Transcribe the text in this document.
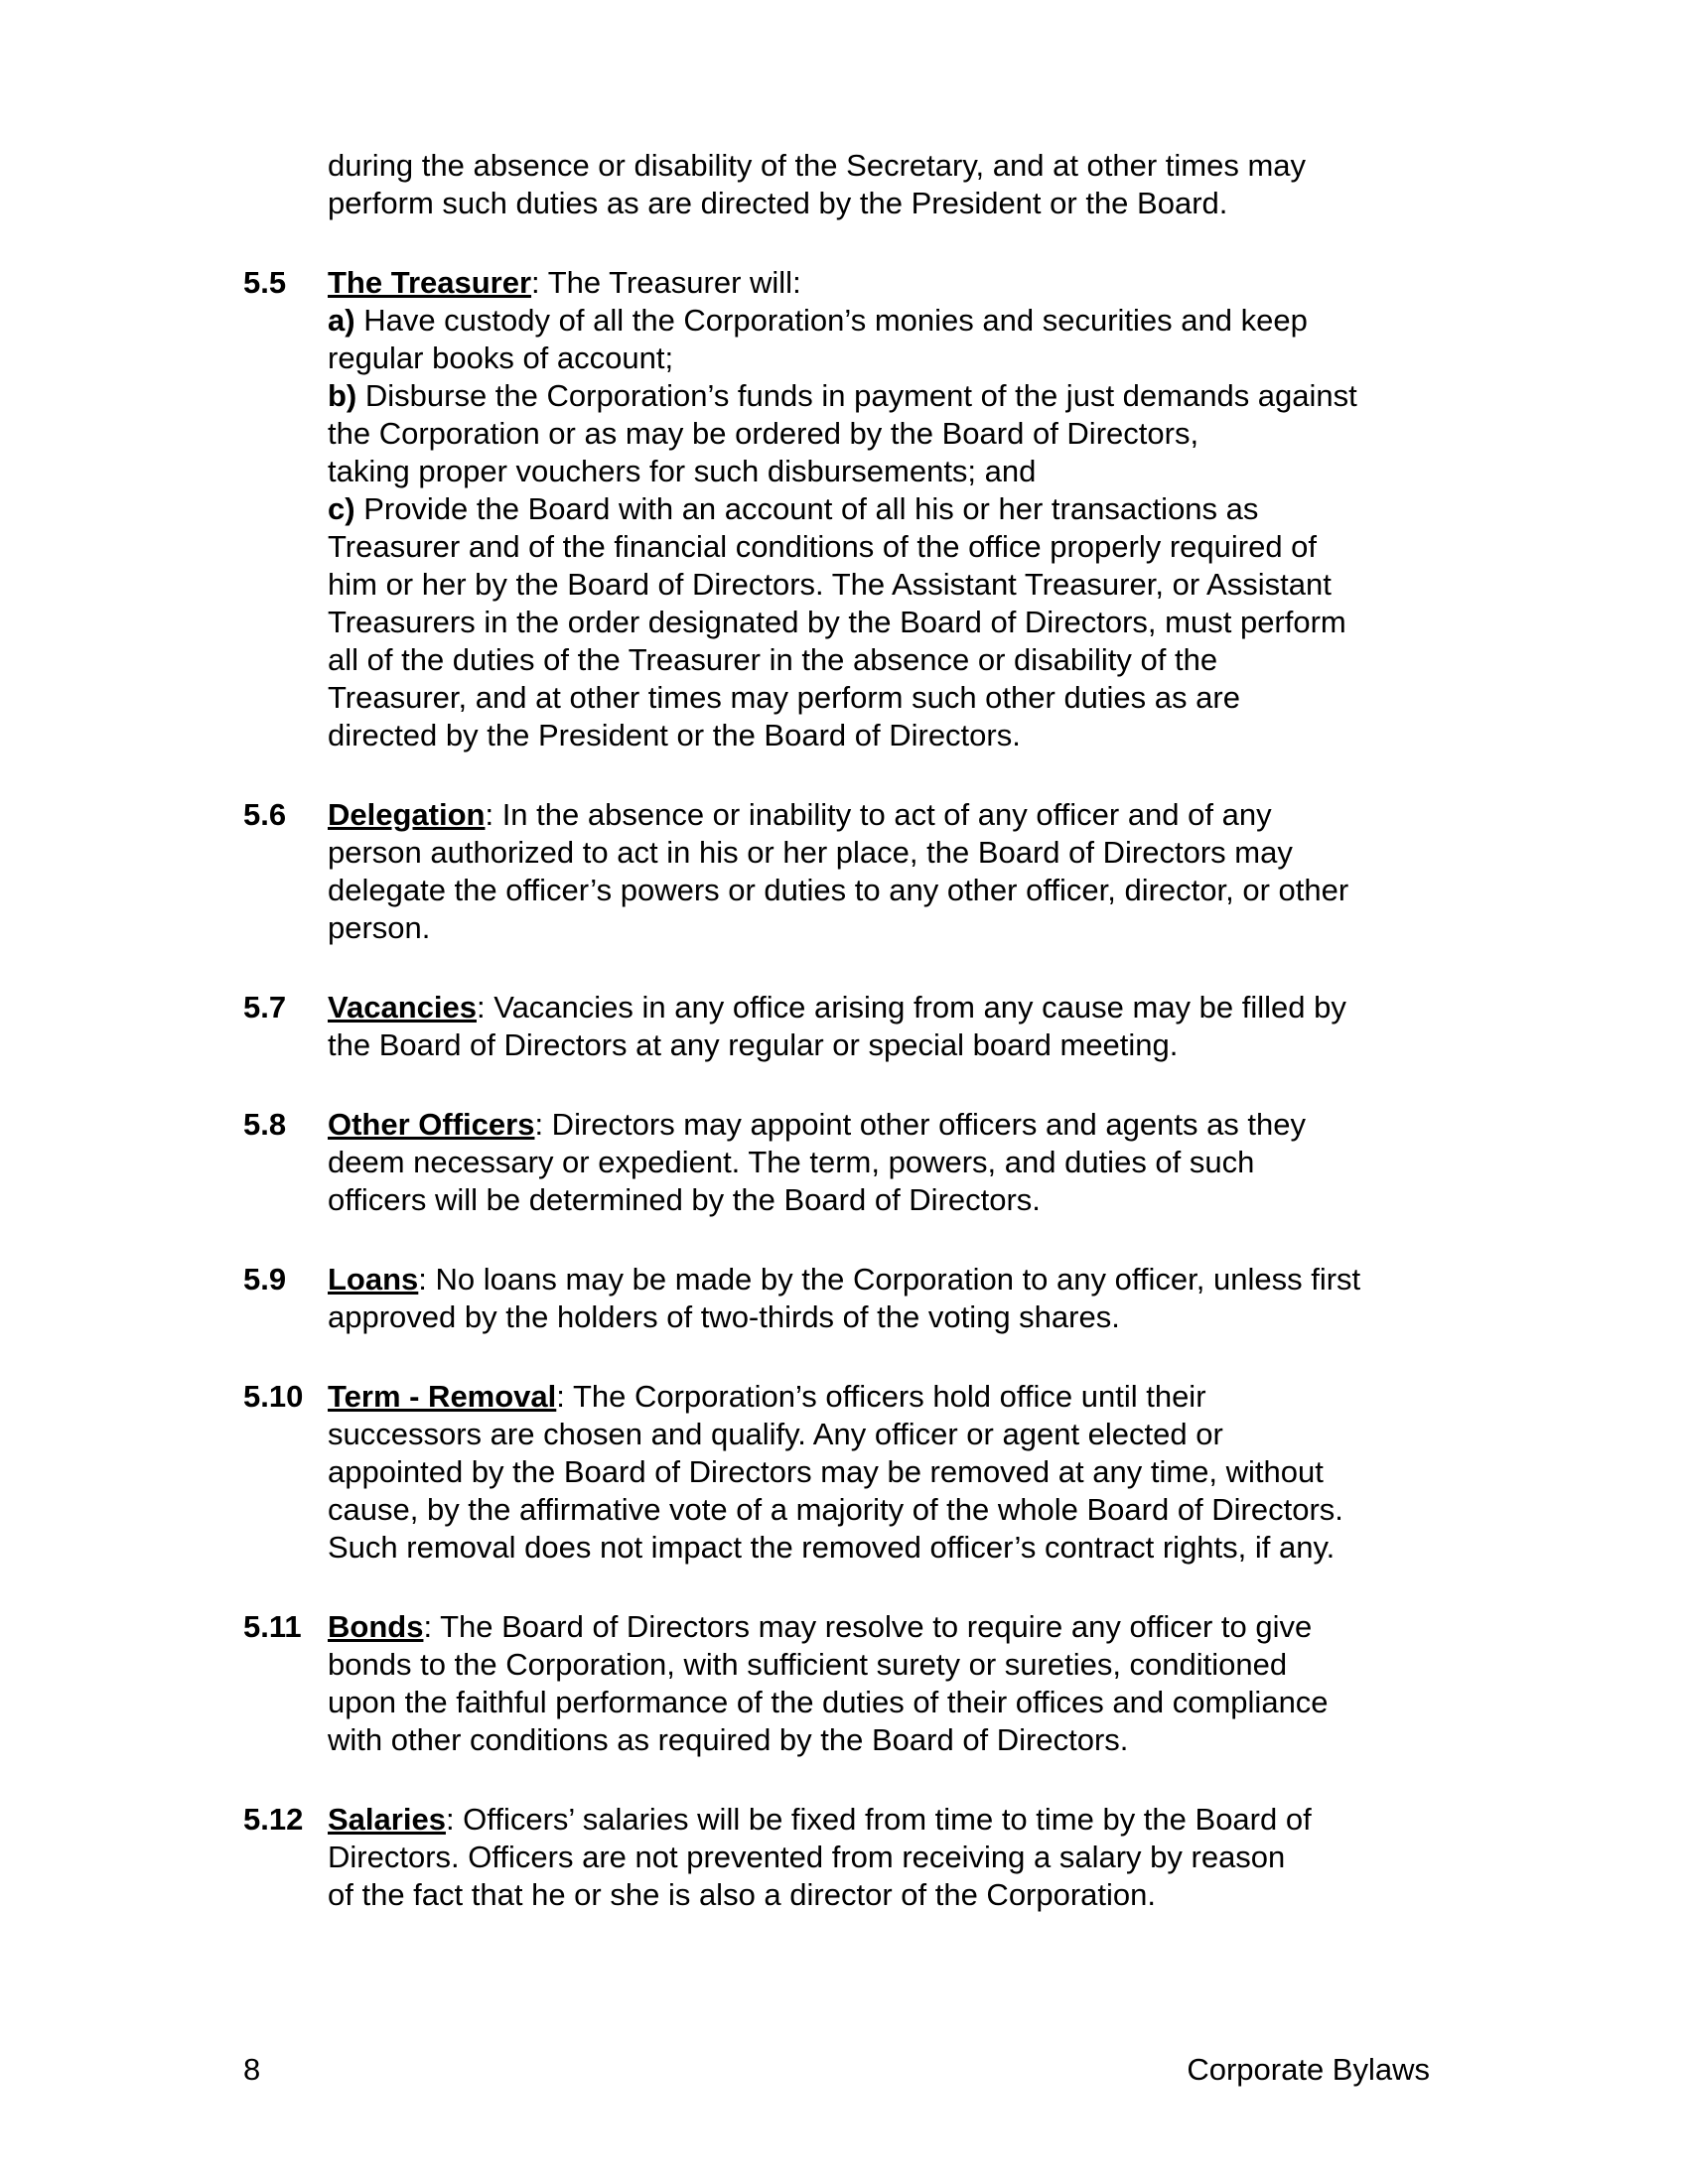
during the absence or disability of the Secretary, and at other times may
perform such duties as are directed by the President or the Board.
5.5	The Treasurer: The Treasurer will:
a) Have custody of all the Corporation’s monies and securities and keep
regular books of account;
b) Disburse the Corporation’s funds in payment of the just demands against
the Corporation or as may be ordered by the Board of Directors,
taking proper vouchers for such disbursements; and
c) Provide the Board with an account of all his or her transactions as
Treasurer and of the financial conditions of the office properly required of
him or her by the Board of Directors. The Assistant Treasurer, or Assistant
Treasurers in the order designated by the Board of Directors, must perform
all of the duties of the Treasurer in the absence or disability of the
Treasurer, and at other times may perform such other duties as are
directed by the President or the Board of Directors.
5.6	Delegation: In the absence or inability to act of any officer and of any
person authorized to act in his or her place, the Board of Directors may
delegate the officer’s powers or duties to any other officer, director, or other
person.
5.7	Vacancies: Vacancies in any office arising from any cause may be filled by
the Board of Directors at any regular or special board meeting.
5.8	Other Officers: Directors may appoint other officers and agents as they
deem necessary or expedient. The term, powers, and duties of such
officers will be determined by the Board of Directors.
5.9	Loans: No loans may be made by the Corporation to any officer, unless first
approved by the holders of two-thirds of the voting shares.
5.10 Term - Removal: The Corporation’s officers hold office until their
successors are chosen and qualify. Any officer or agent elected or
appointed by the Board of Directors may be removed at any time, without
cause, by the affirmative vote of a majority of the whole Board of Directors.
Such removal does not impact the removed officer’s contract rights, if any.
5.11 Bonds: The Board of Directors may resolve to require any officer to give
bonds to the Corporation, with sufficient surety or sureties, conditioned
upon the faithful performance of the duties of their offices and compliance
with other conditions as required by the Board of Directors.
5.12 Salaries: Officers’ salaries will be fixed from time to time by the Board of
Directors. Officers are not prevented from receiving a salary by reason
of the fact that he or she is also a director of the Corporation.
8	Corporate Bylaws
